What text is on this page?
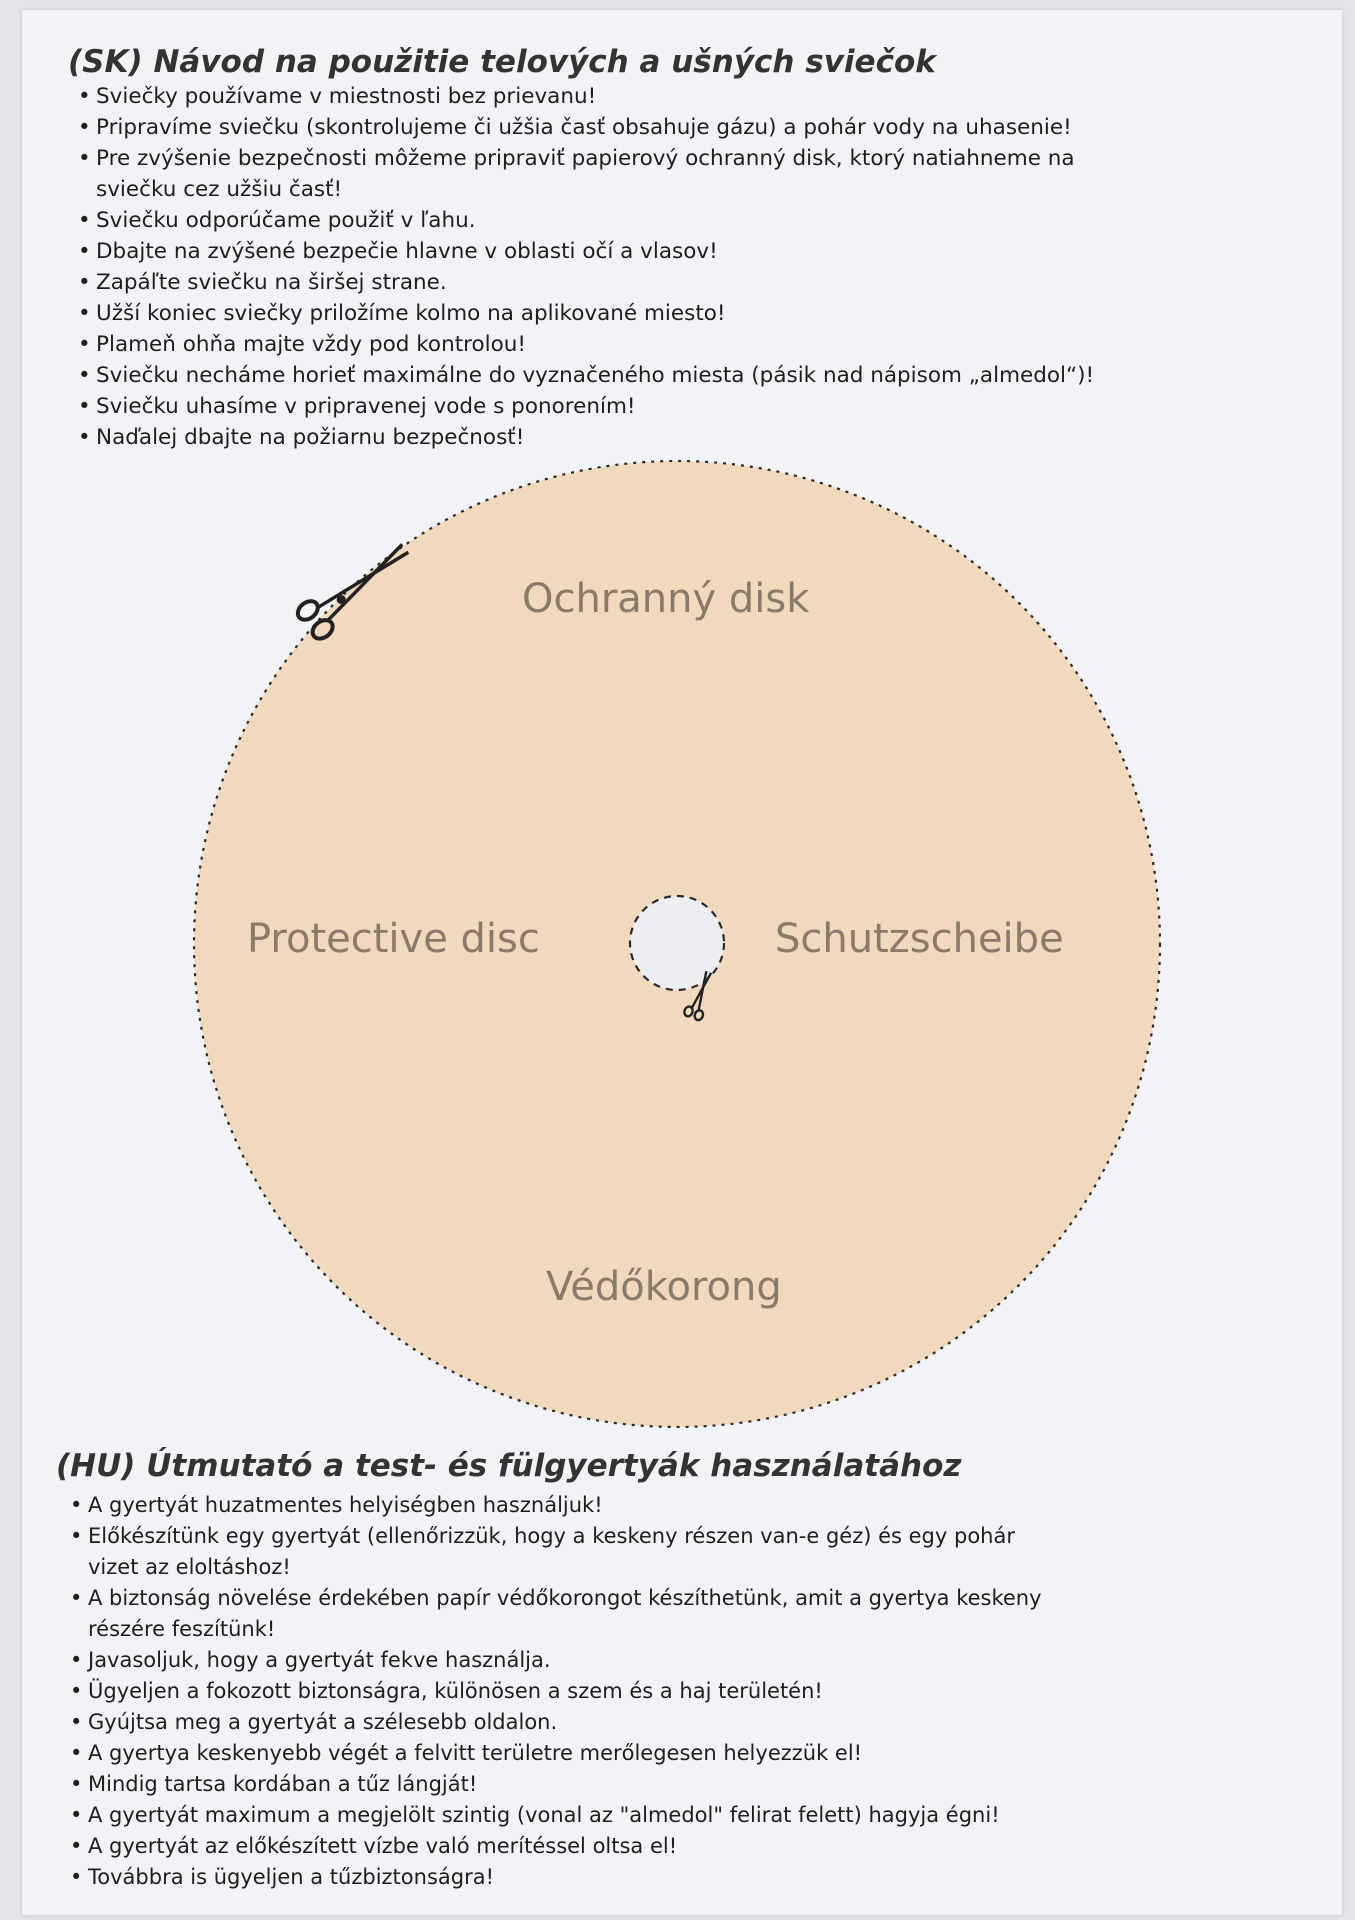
(SK) Návod na použitie telových a ušných sviečok
• Sviečky používame v miestnosti bez prievanu!
• Pripravíme sviečku (skontrolujeme či užšia časť obsahuje gázu) a pohár vody na uhasenie!
• Pre zvýšenie bezpečnosti môžeme pripraviť papierový ochranný disk, ktorý natiahneme na
sviečku cez užšiu časť!
• Sviečku odporúčame použiť v ľahu.
• Dbajte na zvýšené bezpečie hlavne v oblasti očí a vlasov!
• Zapáľte sviečku na širšej strane.
• Užší koniec sviečky priložíme kolmo na aplikované miesto!
• Plameň ohňa majte vždy pod kontrolou!
• Sviečku necháme horieť maximálne do vyznačeného miesta (pásik nad nápisom „almedol“)!
• Sviečku uhasíme v pripravenej vode s ponorením!
• Naďalej dbajte na požiarnu bezpečnosť!
Ochranný disk
Protective disc	Schutzscheibe
Védőkorong
(HU) Útmutató a test- és fülgyertyák használatához
• A gyertyát huzatmentes helyiségben használjuk!
• Előkészítünk egy gyertyát (ellenőrizzük, hogy a keskeny részen van-e géz) és egy pohár
vizet az eloltáshoz!
• A biztonság növelése érdekében papír védőkorongot készíthetünk, amit a gyertya keskeny
részére feszítünk!
• Javasoljuk, hogy a gyertyát fekve használja.
• Ügyeljen a fokozott biztonságra, különösen a szem és a haj területén!
• Gyújtsa meg a gyertyát a szélesebb oldalon.
• A gyertya keskenyebb végét a felvitt területre merőlegesen helyezzük el!
• Mindig tartsa kordában a tűz lángját!
• A gyertyát maximum a megjelölt szintig (vonal az "almedol" felirat felett) hagyja égni!
• A gyertyát az előkészített vízbe való merítéssel oltsa el!
• Továbbra is ügyeljen a tűzbiztonságra!
